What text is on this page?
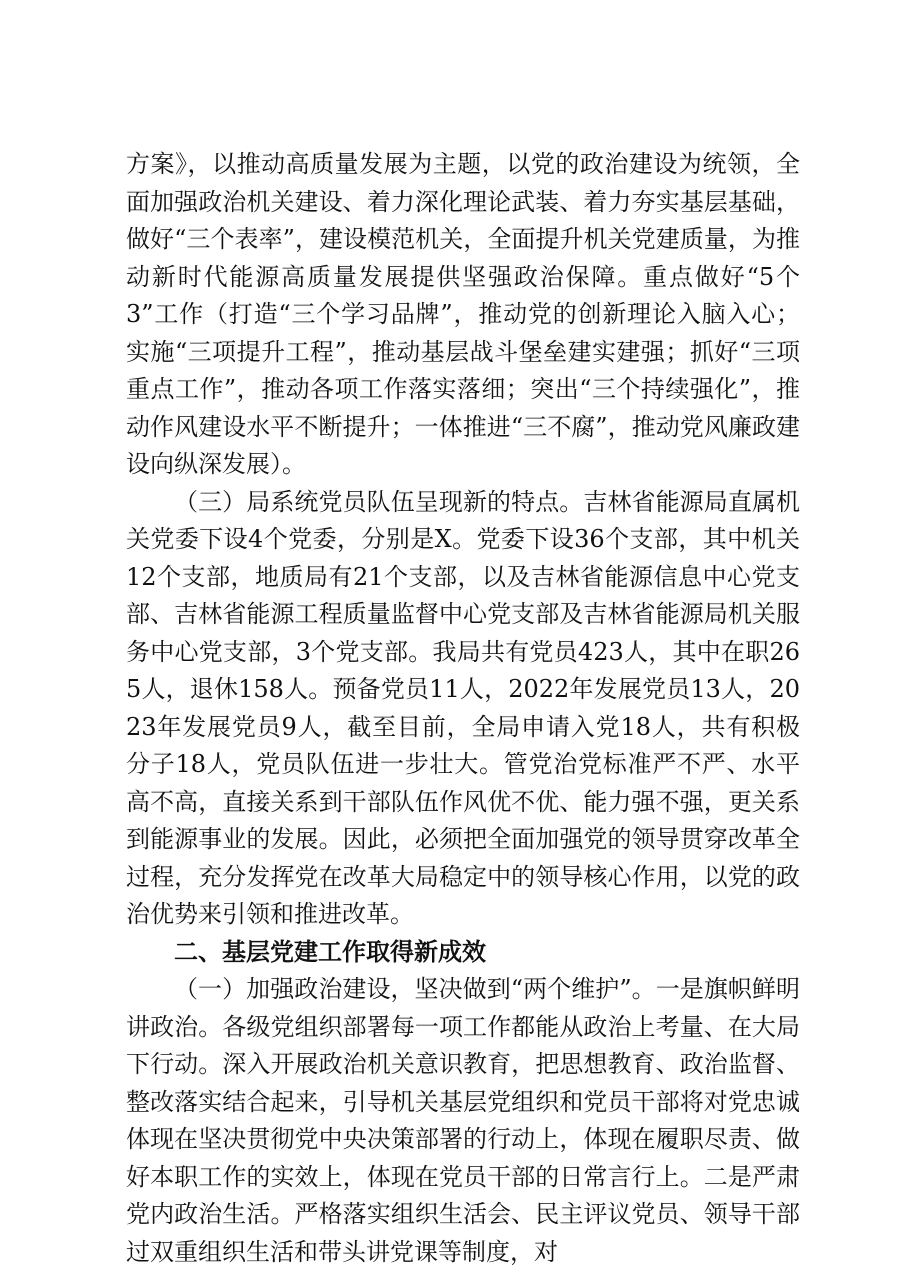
方案》，以推动高质量发展为主题，以党的政治建设为统领，全面加强政治机关建设、着力深化理论武装、着力夯实基层基础，做好“三个表率”，建设模范机关，全面提升机关党建质量，为推动新时代能源高质量发展提供坚强政治保障。重点做好“5个3”工作（打造“三个学习品牌”，推动党的创新理论入脑入心；实施“三项提升工程”，推动基层战斗堡垒建实建强；抓好“三项重点工作”，推动各项工作落实落细；突出“三个持续强化”，推动作风建设水平不断提升；一体推进“三不腐”，推动党风廉政建设向纵深发展）。

（三）局系统党员队伍呈现新的特点。吉林省能源局直属机关党委下设4个党委，分别是X。党委下设36个支部，其中机关12个支部，地质局有21个支部，以及吉林省能源信息中心党支部、吉林省能源工程质量监督中心党支部及吉林省能源局机关服务中心党支部，3个党支部。我局共有党员423人，其中在职265人，退休158人。预备党员11人，2022年发展党员13人，2023年发展党员9人，截至目前，全局申请入党18人，共有积极分子18人，党员队伍进一步壮大。管党治党标准严不严、水平高不高，直接关系到干部队伍作风优不优、能力强不强，更关系到能源事业的发展。因此，必须把全面加强党的领导贯穿改革全过程，充分发挥党在改革大局稳定中的领导核心作用，以党的政治优势来引领和推进改革。

二、基层党建工作取得新成效

（一）加强政治建设，坚决做到“两个维护”。一是旗帜鲜明讲政治。各级党组织部署每一项工作都能从政治上考量、在大局下行动。深入开展政治机关意识教育，把思想教育、政治监督、整改落实结合起来，引导机关基层党组织和党员干部将对党忠诚体现在坚决贯彻党中央决策部署的行动上，体现在履职尽责、做好本职工作的实效上，体现在党员干部的日常言行上。二是严肃党内政治生活。严格落实组织生活会、民主评议党员、领导干部过双重组织生活和带头讲党课等制度，对
